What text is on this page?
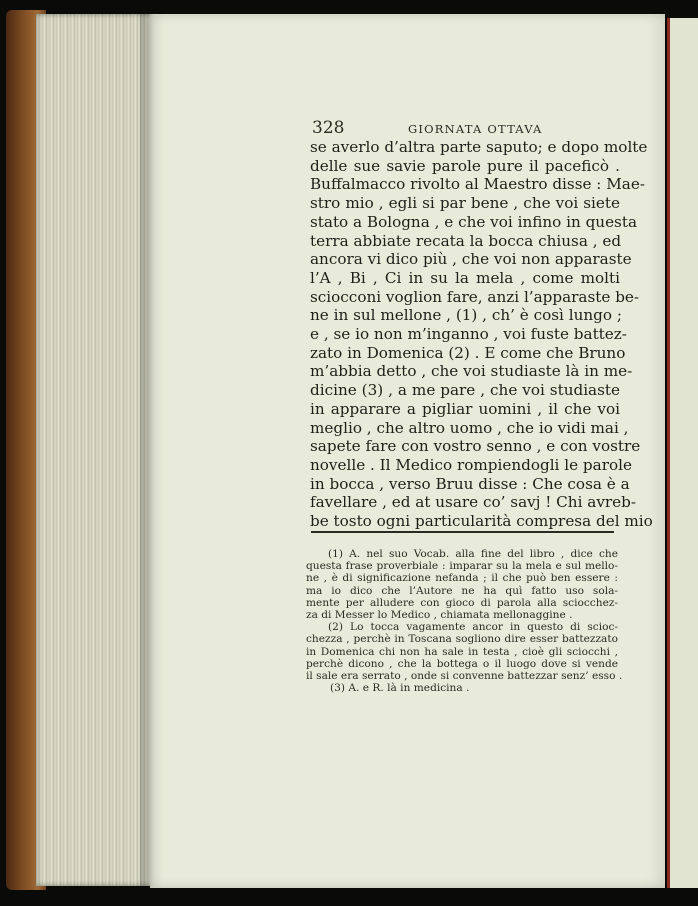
328	GIORNATA OTTAVA
se averlo d’altra parte saputo; e dopo molte
delle sue savie parole pure il paceficò .
Buffalmacco rivolto al Maestro disse : Mae-
stro mio , egli si par bene , che voi siete
stato a Bologna , e che voi infino in questa
terra abbiate recata la bocca chiusa , ed
ancora vi dico più , che voi non apparaste
l’A , Bi , Ci in su la mela , come molti
sciocconi voglion fare, anzi l’apparaste be-
ne in sul mellone , (1) , ch’ è così lungo ;
e , se io non m’inganno , voi fuste battez-
zato in Domenica (2) . E come che Bruno
m’abbia detto , che voi studiaste là in me-
dicine (3) , a me pare , che voi studiaste
in apparare a pigliar uomini , il che voi
meglio , che altro uomo , che io vidi mai ,
sapete fare con vostro senno , e con vostre
novelle . Il Medico rompiendogli le parole
in bocca , verso Bruu disse : Che cosa è a
favellare , ed at usare co’ savj ! Chi avreb-
be tosto ogni particularità compresa del mio
(1) A. nel suo Vocab. alla fine del libro , dice che
questa frase proverbiale : imparar su la mela e sul mello-
ne , è di significazione nefanda ; il che può ben essere :
ma io dico che l’Autore ne ha quì fatto uso sola-
mente per alludere con gioco di parola alla sciocchez-
za di Messer lo Medico , chiamata mellonaggine .
(2) Lo tocca vagamente ancor in questo di scioc-
chezza , perchè in Toscana sogliono dire esser battezzato
in Domenica chi non ha sale in testa , cioè gli sciocchi ,
perchè dicono , che la bottega o il luogo dove si vende
il sale era serrato , onde si convenne battezzar senz’ esso .
(3) A. e R. là in medicina .
